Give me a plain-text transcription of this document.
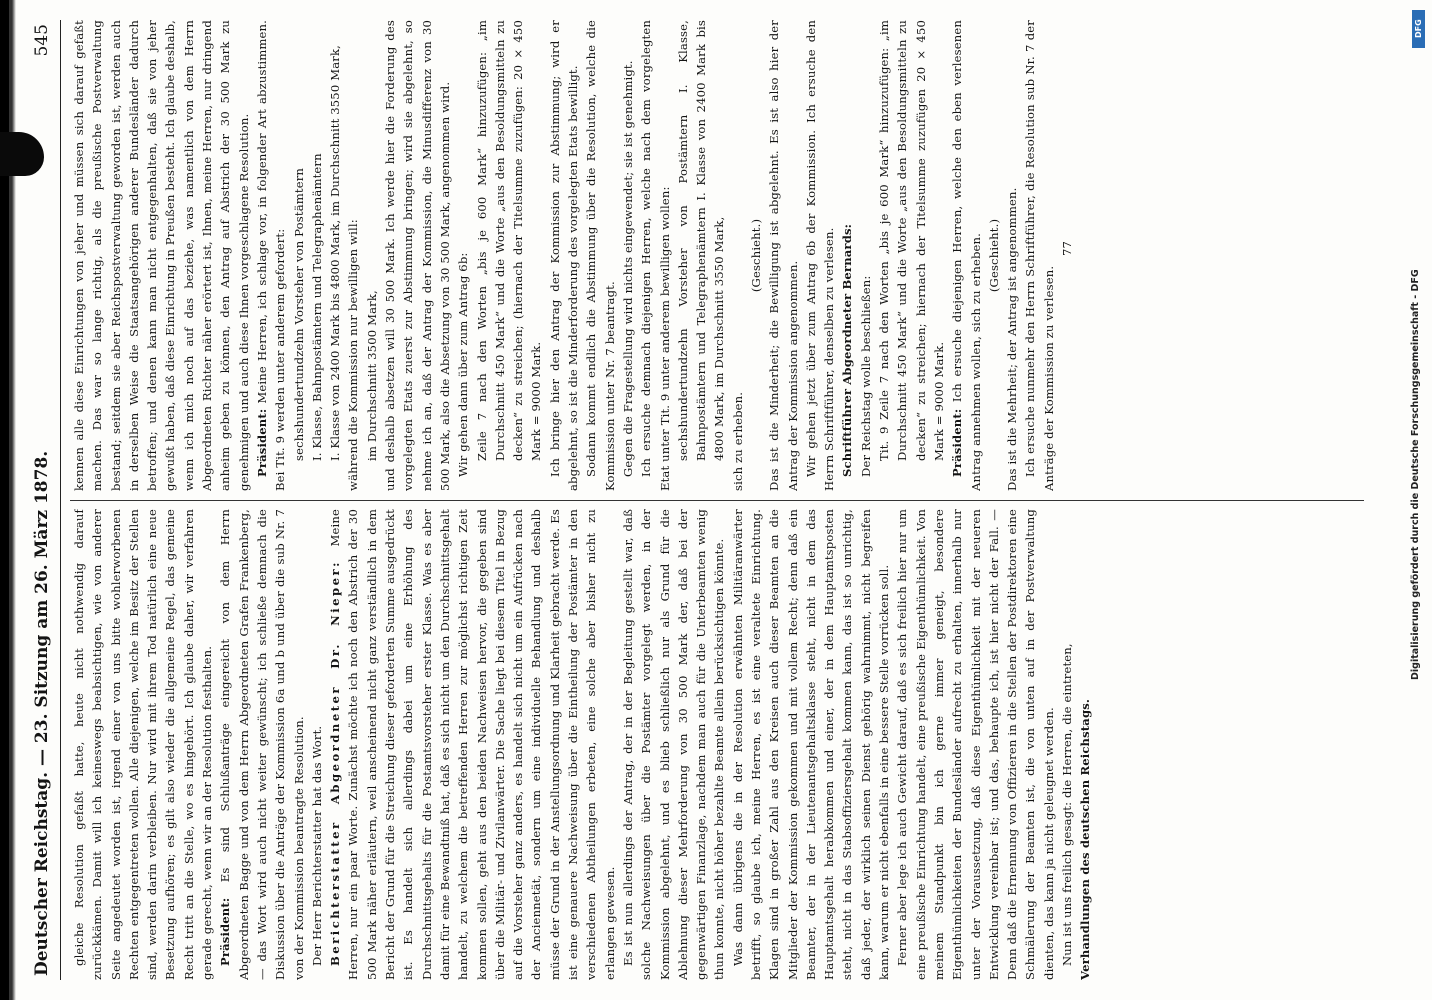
Deutscher Reichstag. — 23. Sitzung am 26. März 1878.
545

gleiche Resolution gefaßt hatte, heute nicht nothwendig darauf zurückkämen. Damit will ich keineswegs beabsichtigen, wie von anderer Seite angedeutet worden ist, irgend einer von uns bitte wohlerworbenen Rechten entgegentreten wollen. Alle diejenigen, welche im Besitz der Stellen sind, werden darin verbleiben. Nur wird mit ihrem Tod natürlich eine neue Besetzung aufhören; es gilt also wieder die allgemeine Regel, das gemeine Recht tritt an die Stelle, wo es hingehört. Ich glaube daher, wir verfahren gerade gerecht, wenn wir an der Resolution festhalten. Präsident: Es sind Schlußanträge eingereicht von dem Herrn Abgeordneten Bagge und von dem Herrn Abgeordneten Grafen Frankenberg, — das Wort wird auch nicht weiter gewünscht; ich schließe demnach die Diskussion über die Anträge der Kommission 6a und b und über die sub Nr. 7 von der Kommission beantragte Resolution. Der Herr Berichterstatter hat das Wort. Berichterstatter Abgeordneter Dr. Nieper: Meine Herren, nur ein paar Worte. Zunächst möchte ich noch den Abstrich der 30 500 Mark näher erläutern, weil anscheinend nicht ganz verständlich in dem Bericht der Grund für die Streichung dieser geforderten Summe ausgedrückt ist. Es handelt sich allerdings dabei um eine Erhöhung des Durchschnittsgehalts für die Postamtsvorsteher erster Klasse. Was es aber damit für eine Bewandtniß hat, daß es sich nicht um den Durchschnittsgehalt handelt, zu welchem die betreffenden Herren zur möglichst richtigen Zeit kommen sollen, geht aus den beiden Nachweisen hervor, die gegeben sind über die Militär- und Zivilanwärter. Die Sache liegt bei diesem Titel in Bezug auf die Vorsteher ganz anders, es handelt sich nicht um ein Aufrücken nach der Anciennetät, sondern um eine individuelle Behandlung und deshalb müsse der Grund in der Anstellungsordnung und Klarheit gebracht werde. Es ist eine genauere Nachweisung über die Eintheilung der Postämter in den verschiedenen Abtheilungen erbeten, eine solche aber bisher nicht zu erlangen gewesen. Es ist nun allerdings der Antrag, der in der Begleitung gestellt war, daß solche Nachweisungen über die Postämter vorgelegt werden, in der Kommission abgelehnt, und es blieb schließlich nur als Grund für die Ablehnung dieser Mehrforderung von 30 500 Mark der, daß bei der gegenwärtigen Finanzlage, nachdem man auch für die Unterbeamten wenig thun konnte, nicht höher bezahlte Beamte allein berücksichtigen könnte. Was dann übrigens die in der Resolution erwähnten Militäranwärter betrifft, so glaube ich, meine Herren, es ist eine veraltete Einrichtung. Klagen sind in großer Zahl aus den Kreisen auch dieser Beamten an die Mitglieder der Kommission gekommen und mit vollem Recht; denn daß ein Beamter, der in der Lieutenantsgehaltsklasse steht, nicht in dem das Hauptamtsgehalt herabkommen und einer, der in dem Hauptamtsposten steht, nicht in das Stabsoffiziersgehalt kommen kann, das ist so unrichtig, daß jeder, der wirklich seinen Dienst gehörig wahrnimmt, nicht begreifen kann, warum er nicht ebenfalls in eine bessere Stelle vorrücken soll. Ferner aber lege ich auch Gewicht darauf, daß es sich freilich hier nur um eine preußische Einrichtung handelt, eine preußische Eigenthümlichkeit. Von meinem Standpunkt bin ich gerne immer geneigt, besondere Eigenthümlichkeiten der Bundesländer aufrecht zu erhalten, innerhalb nur unter der Voraussetzung, daß diese Eigenthümlichkeit mit der neueren Entwicklung vereinbar ist; und das, behaupte ich, ist hier nicht der Fall. — Denn daß die Ernennung von Offizieren in die Stellen der Postdirektoren eine Schmälerung der Beamten ist, die von unten auf in der Postverwaltung dienten, das kann ja nicht geleugnet werden. Nun ist uns freilich gesagt: die Herren, die eintreten, Verhandlungen des deutschen Reichstags.

kennen alle diese Einrichtungen von jeher und müssen sich darauf gefaßt machen. Das war so lange richtig, als die preußische Postverwaltung bestand; seitdem sie aber Reichspostverwaltung geworden ist, werden auch in derselben Weise die Staatsangehörigen anderer Bundesländer dadurch betroffen; und denen kann man nicht entgegenhalten, daß sie von jeher gewußt haben, daß diese Einrichtung in Preußen besteht. Ich glaube deshalb, wenn ich mich noch auf das beziehe, was namentlich von dem Herrn Abgeordneten Richter näher erörtert ist, Ihnen, meine Herren, nur dringend anheim geben zu können, den Antrag auf Abstrich der 30 500 Mark zu genehmigen und auch diese Ihnen vorgeschlagene Resolution. Präsident: Meine Herren, ich schlage vor, in folgender Art abzustimmen. Bei Tit. 9 werden unter anderem gefordert: sechshundertundzehn Vorsteher von Postämtern I. Klasse, Bahnpostämtern und Telegraphenämtern I. Klasse von 2400 Mark bis 4800 Mark, im Durchschnitt 3550 Mark, während die Kommission nur bewilligen will: im Durchschnitt 3500 Mark, und deshalb absetzen will 30 500 Mark. Ich werde hier die Forderung des vorgelegten Etats zuerst zur Abstimmung bringen; wird sie abgelehnt, so nehme ich an, daß der Antrag der Kommission, die Minusdifferenz von 30 500 Mark, also die Absetzung von 30 500 Mark, angenommen wird. Wir gehen dann über zum Antrag 6b: Zeile 7 nach den Worten „bis je 600 Mark“ hinzuzufügen: „im Durchschnitt 450 Mark“ und die Worte „aus den Besoldungsmitteln zu decken“ zu streichen; (hiernach der Titelsumme zuzufügen: 20 × 450 Mark = 9000 Mark. Ich bringe hier den Antrag der Kommission zur Abstimmung; wird er abgelehnt, so ist die Minderforderung des vorgelegten Etats bewilligt. Sodann kommt endlich die Abstimmung über die Resolution, welche die Kommission unter Nr. 7 beantragt. Gegen die Fragestellung wird nichts eingewendet; sie ist genehmigt. Ich ersuche demnach diejenigen Herren, welche nach dem vorgelegten Etat unter Tit. 9 unter anderem bewilligen wollen: sechshundertundzehn Vorsteher von Postämtern I. Klasse, Bahnpostämtern und Telegraphenämtern I. Klasse von 2400 Mark bis 4800 Mark, im Durchschnitt 3550 Mark, sich zu erheben.

(Geschieht.) Das ist die Minderheit; die Bewilligung ist abgelehnt. Es ist also hier der Antrag der Kommission angenommen. Wir gehen jetzt über zum Antrag 6b der Kommission. Ich ersuche den Herrn Schriftführer, denselben zu verlesen. Schriftführer Abgeordneter Bernards: Der Reichstag wolle beschließen: Tit. 9 Zeile 7 nach den Worten „bis je 600 Mark“ hinzuzufügen: „im Durchschnitt 450 Mark“ und die Worte „aus den Besoldungsmitteln zu decken“ zu streichen; hiernach der Titelsumme zuzufügen 20 × 450 Mark = 9000 Mark. Präsident: Ich ersuche diejenigen Herren, welche den eben verlesenen Antrag annehmen wollen, sich zu erheben. (Geschieht.) Das ist die Mehrheit; der Antrag ist angenommen. Ich ersuche nunmehr den Herrn Schriftführer, die Resolution sub Nr. 7 der Anträge der Kommission zu verlesen.

77

DFG
Digitalisierung gefördert durch die Deutsche Forschungsgemeinschaft - DFG
